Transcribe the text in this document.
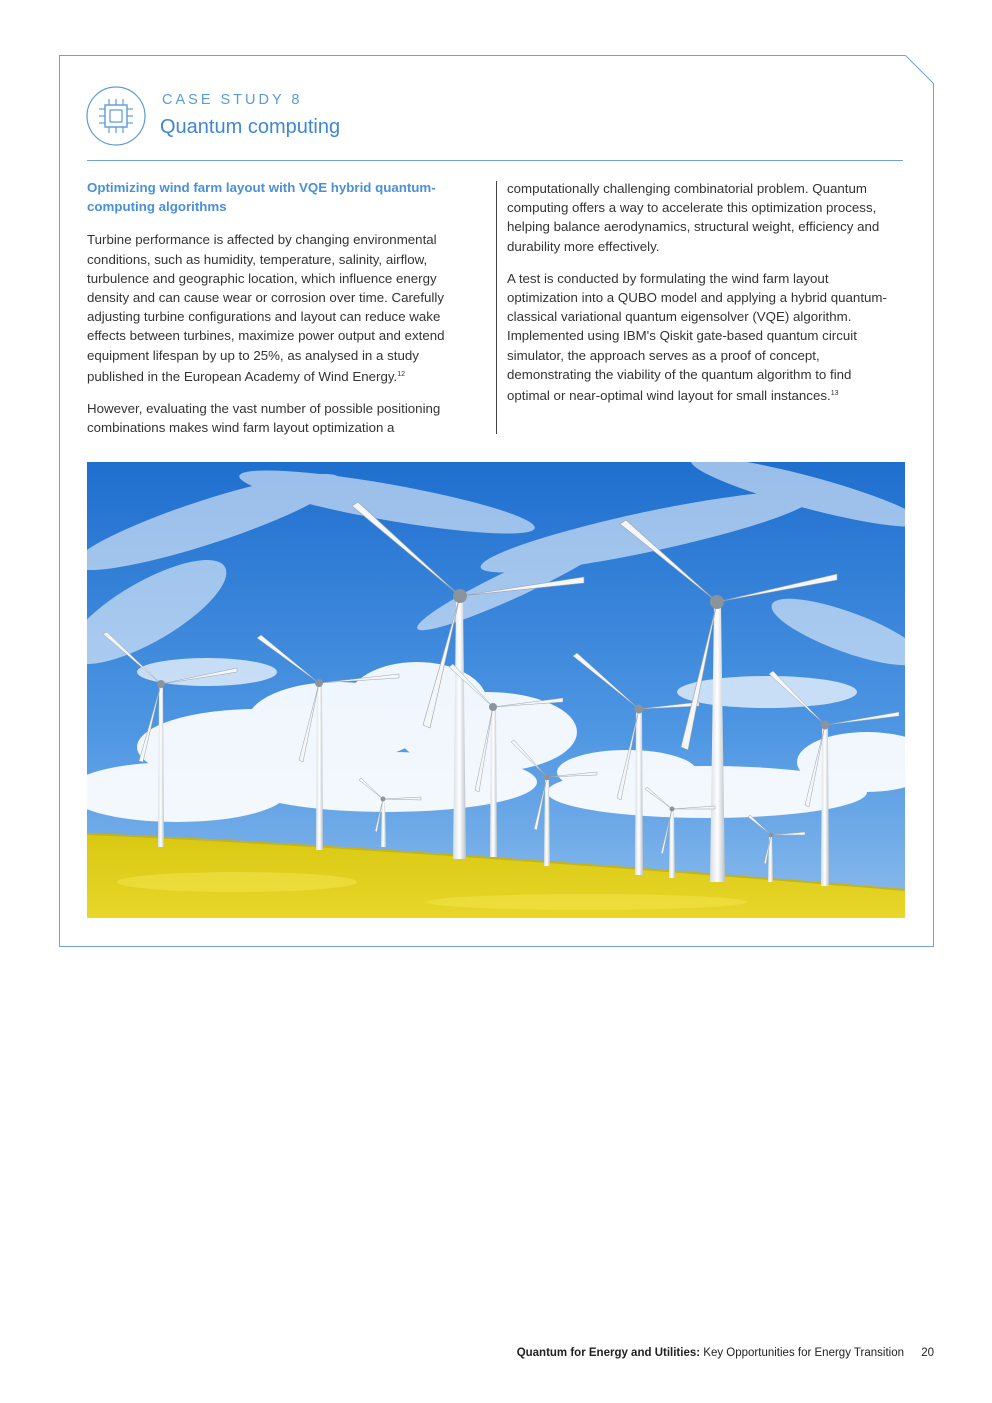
CASE STUDY 8
Quantum computing

Optimizing wind farm layout with VQE hybrid quantum-computing algorithms

Turbine performance is affected by changing environmental conditions, such as humidity, temperature, salinity, airflow, turbulence and geographic location, which influence energy density and can cause wear or corrosion over time. Carefully adjusting turbine configurations and layout can reduce wake effects between turbines, maximize power output and extend equipment lifespan by up to 25%, as analysed in a study published in the European Academy of Wind Energy.$^{12}$

However, evaluating the vast number of possible positioning combinations makes wind farm layout optimization a

computationally challenging combinatorial problem. Quantum computing offers a way to accelerate this optimization process, helping balance aerodynamics, structural weight, efficiency and durability more effectively.

A test is conducted by formulating the wind farm layout optimization into a QUBO model and applying a hybrid quantum-classical variational quantum eigensolver (VQE) algorithm. Implemented using IBM's Qiskit gate-based quantum circuit simulator, the approach serves as a proof of concept, demonstrating the viability of the quantum algorithm to find optimal or near-optimal wind layout for small instances.$^{13}$

Quantum for Energy and Utilities: Key Opportunities for Energy Transition 20
